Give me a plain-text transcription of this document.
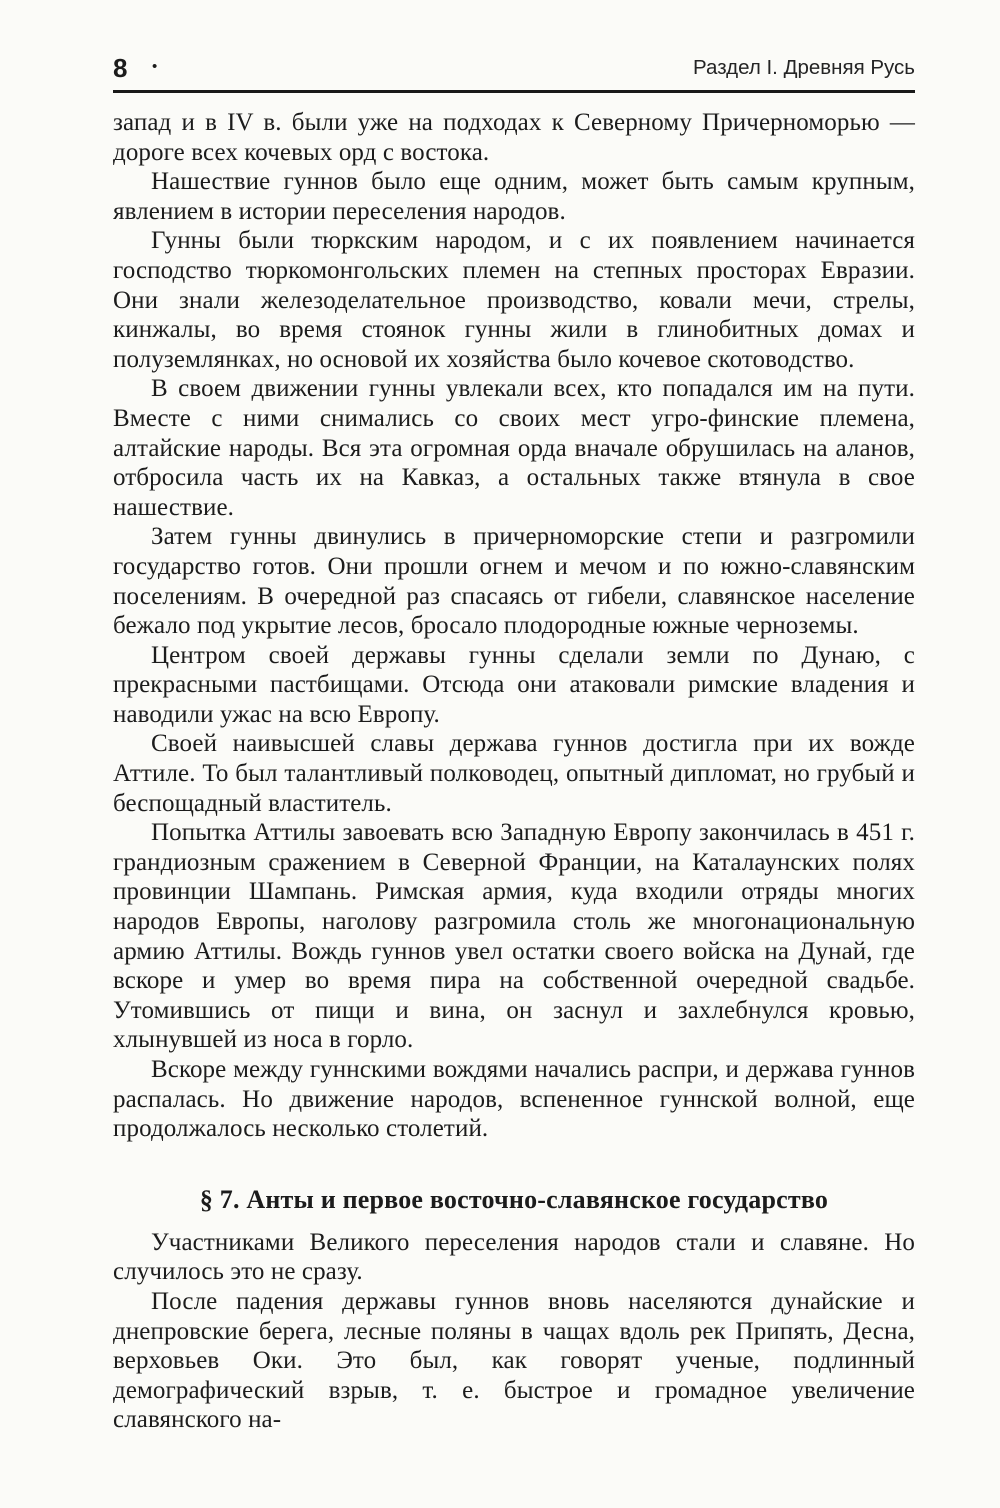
8 •	Раздел I. Древняя Русь

запад и в IV в. были уже на подходах к Северному Причерноморью — дороге всех кочевых орд с востока.

Нашествие гуннов было еще одним, может быть самым крупным, явлением в истории переселения народов.

Гунны были тюркским народом, и с их появлением начинается господство тюркомонгольских племен на степных просторах Евразии. Они знали железоделательное производство, ковали мечи, стрелы, кинжалы, во время стоянок гунны жили в глинобитных домах и полуземлянках, но основой их хозяйства было кочевое скотоводство.

В своем движении гунны увлекали всех, кто попадался им на пути. Вместе с ними снимались со своих мест угро-финские племена, алтайские народы. Вся эта огромная орда вначале обрушилась на аланов, отбросила часть их на Кавказ, а остальных также втянула в свое нашествие.

Затем гунны двинулись в причерноморские степи и разгромили государство готов. Они прошли огнем и мечом и по южно-славянским поселениям. В очередной раз спасаясь от гибели, славянское население бежало под укрытие лесов, бросало плодородные южные черноземы.

Центром своей державы гунны сделали земли по Дунаю, с прекрасными пастбищами. Отсюда они атаковали римские владения и наводили ужас на всю Европу.

Своей наивысшей славы держава гуннов достигла при их вожде Аттиле. То был талантливый полководец, опытный дипломат, но грубый и беспощадный властитель.

Попытка Аттилы завоевать всю Западную Европу закончилась в 451 г. грандиозным сражением в Северной Франции, на Каталаунских полях провинции Шампань. Римская армия, куда входили отряды многих народов Европы, наголову разгромила столь же многонациональную армию Аттилы. Вождь гуннов увел остатки своего войска на Дунай, где вскоре и умер во время пира на собственной очередной свадьбе. Утомившись от пищи и вина, он заснул и захлебнулся кровью, хлынувшей из носа в горло.

Вскоре между гуннскими вождями начались распри, и держава гуннов распалась. Но движение народов, вспененное гуннской волной, еще продолжалось несколько столетий.

§ 7. Анты и первое восточно-славянское государство

Участниками Великого переселения народов стали и славяне. Но случилось это не сразу.

После падения державы гуннов вновь населяются дунайские и днепровские берега, лесные поляны в чащах вдоль рек Припять, Десна, верховьев Оки. Это был, как говорят ученые, подлинный демографический взрыв, т. е. быстрое и громадное увеличение славянского на-
